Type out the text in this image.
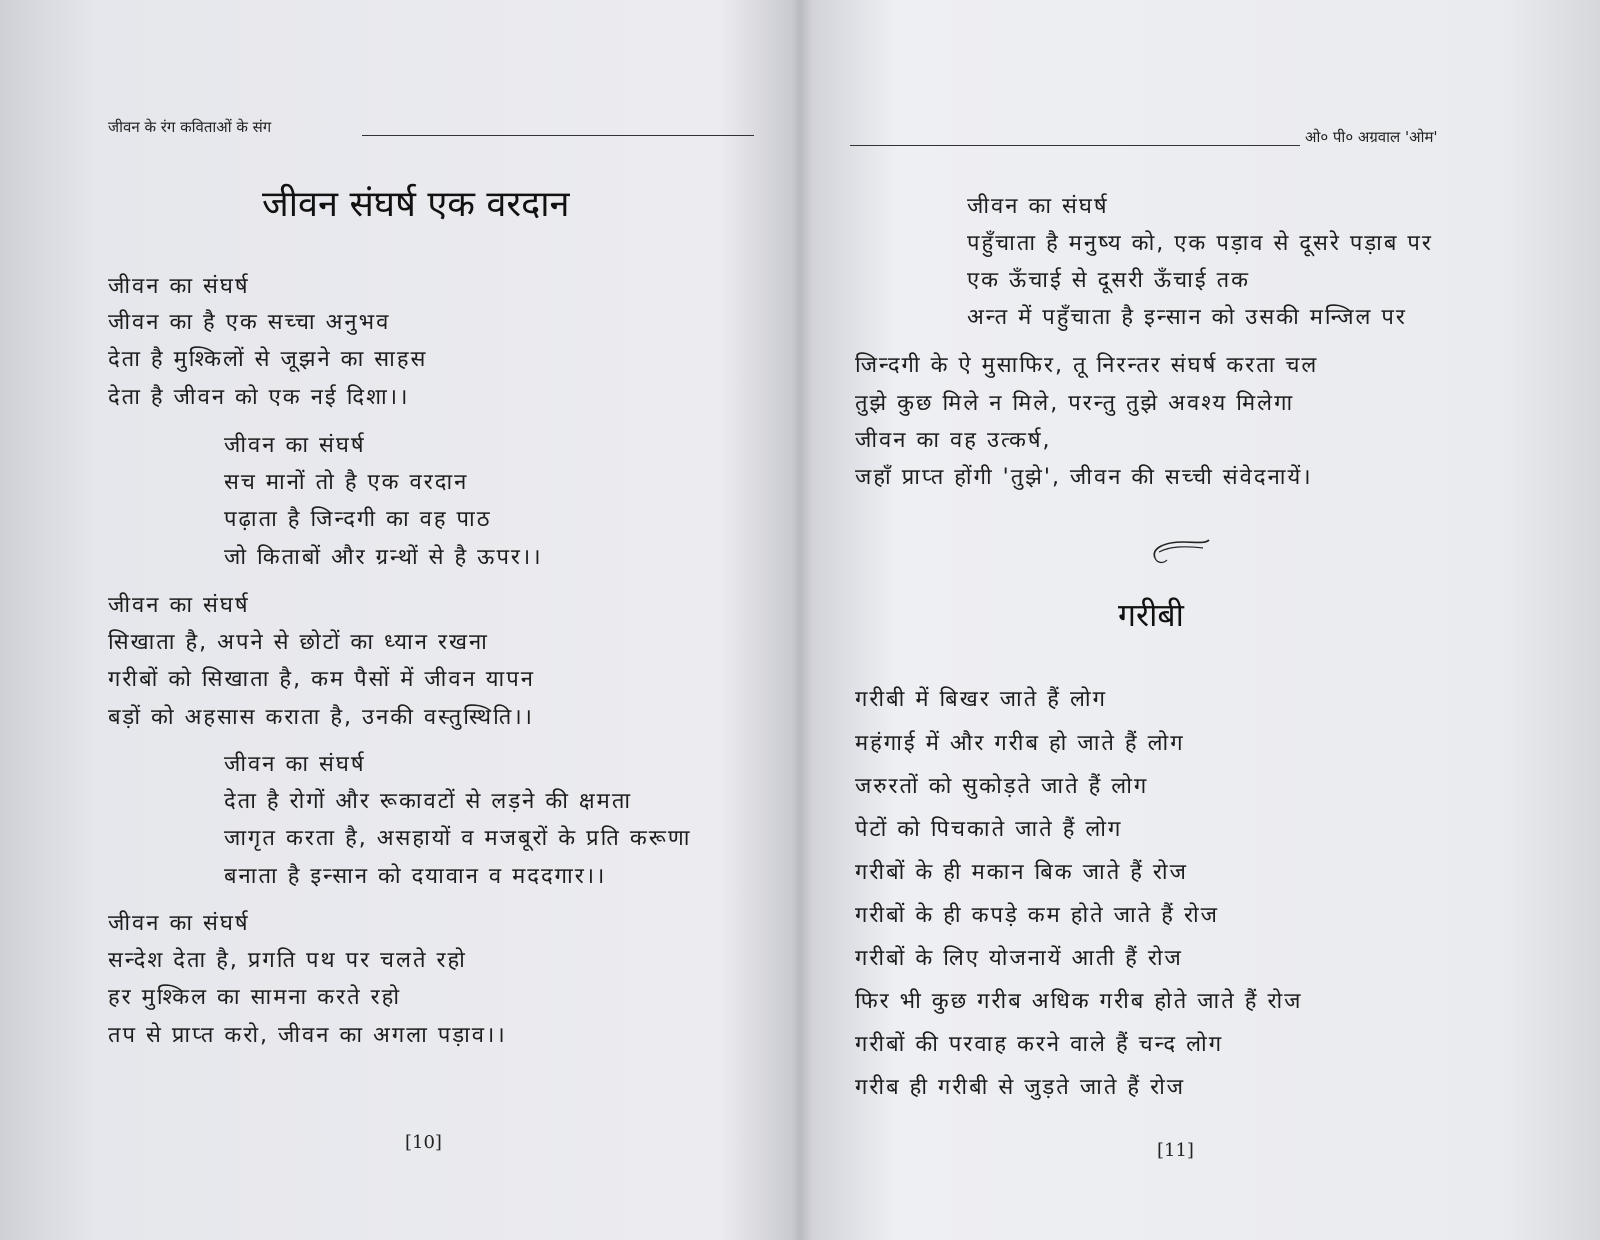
जीवन के रंग कविताओं के संग
जीवन संघर्ष एक वरदान

जीवन का संघर्ष

जीवन का है एक सच्चा अनुभव

देता है मुश्किलों से जूझने का साहस

देता है जीवन को एक नई दिशा।।

जीवन का संघर्ष

सच मानों तो है एक वरदान

पढ़ाता है जिन्दगी का वह पाठ

जो किताबों और ग्रन्थों से है ऊपर।।

जीवन का संघर्ष

सिखाता है, अपने से छोटों का ध्यान रखना

गरीबों को सिखाता है, कम पैसों में जीवन यापन

बड़ों को अहसास कराता है, उनकी वस्तुस्थिति।।

जीवन का संघर्ष

देता है रोगों और रूकावटों से लड़ने की क्षमता

जागृत करता है, असहायों व मजबूरों के प्रति करूणा

बनाता है इन्सान को दयावान व मददगार।।

जीवन का संघर्ष

सन्देश देता है, प्रगति पथ पर चलते रहो

हर मुश्किल का सामना करते रहो

तप से प्राप्त करो, जीवन का अगला पड़ाव।।

[10]
ओ० पी० अग्रवाल 'ओम'

जीवन का संघर्ष

पहुँचाता है मनुष्य को, एक पड़ाव से दूसरे पड़ाब पर

एक ऊँचाई से दूसरी ऊँचाई तक

अन्त में पहुँचाता है इन्सान को उसकी मन्जिल पर

जिन्दगी के ऐ मुसाफिर, तू निरन्तर संघर्ष करता चल

तुझे कुछ मिले न मिले, परन्तु तुझे अवश्य मिलेगा

जीवन का वह उत्कर्ष,

जहाँ प्राप्त होंगी 'तुझे', जीवन की सच्ची संवेदनायें।

गरीबी

गरीबी में बिखर जाते हैं लोग

महंगाई में और गरीब हो जाते हैं लोग

जरुरतों को सुकोड़ते जाते हैं लोग

पेटों को पिचकाते जाते हैं लोग

गरीबों के ही मकान बिक जाते हैं रोज

गरीबों के ही कपड़े कम होते जाते हैं रोज

गरीबों के लिए योजनायें आती हैं रोज

फिर भी कुछ गरीब अधिक गरीब होते जाते हैं रोज

गरीबों की परवाह करने वाले हैं चन्द लोग

गरीब ही गरीबी से जुड़ते जाते हैं रोज

[11]
